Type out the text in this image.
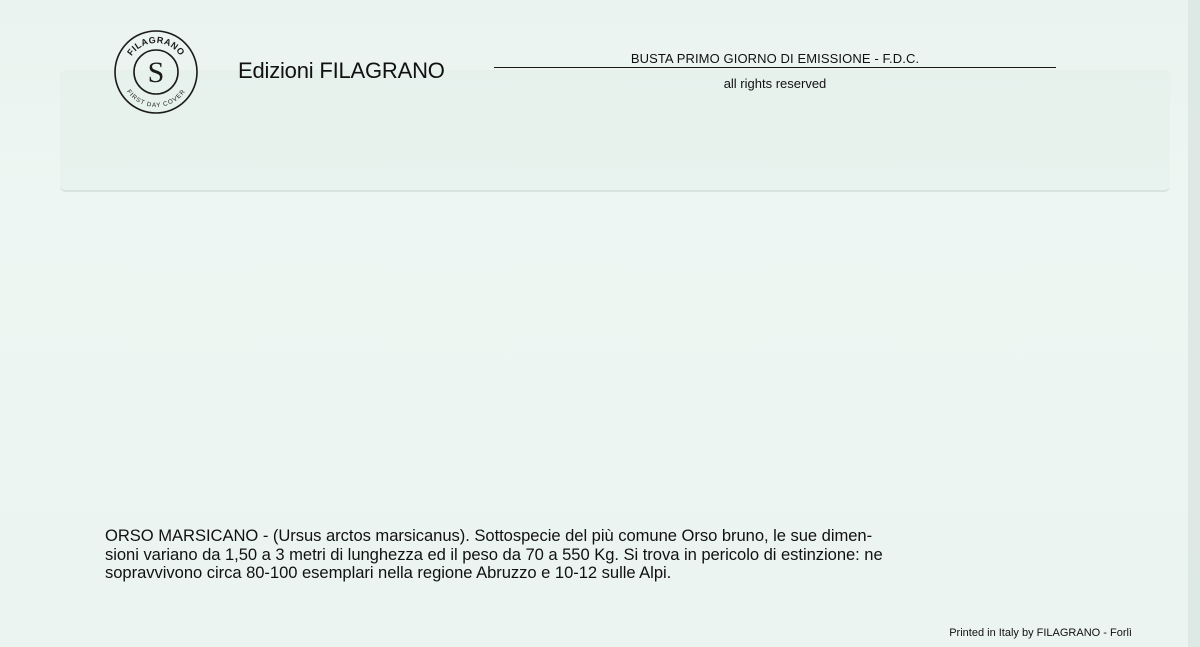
FILAGRANO
FIRST DAY COVER
S	Edizioni FILAGRANO	BUSTA PRIMO GIORNO DI EMISSIONE - F.D.C.
all rights reserved
ORSO MARSICANO - (Ursus arctos marsicanus). Sottospecie del più comune Orso bruno, le sue dimen-
sioni variano da 1,50 a 3 metri di lunghezza ed il peso da 70 a 550 Kg. Si trova in pericolo di estinzione: ne
sopravvivono circa 80-100 esemplari nella regione Abruzzo e 10-12 sulle Alpi.
Printed in Italy by FILAGRANO - Forlì
